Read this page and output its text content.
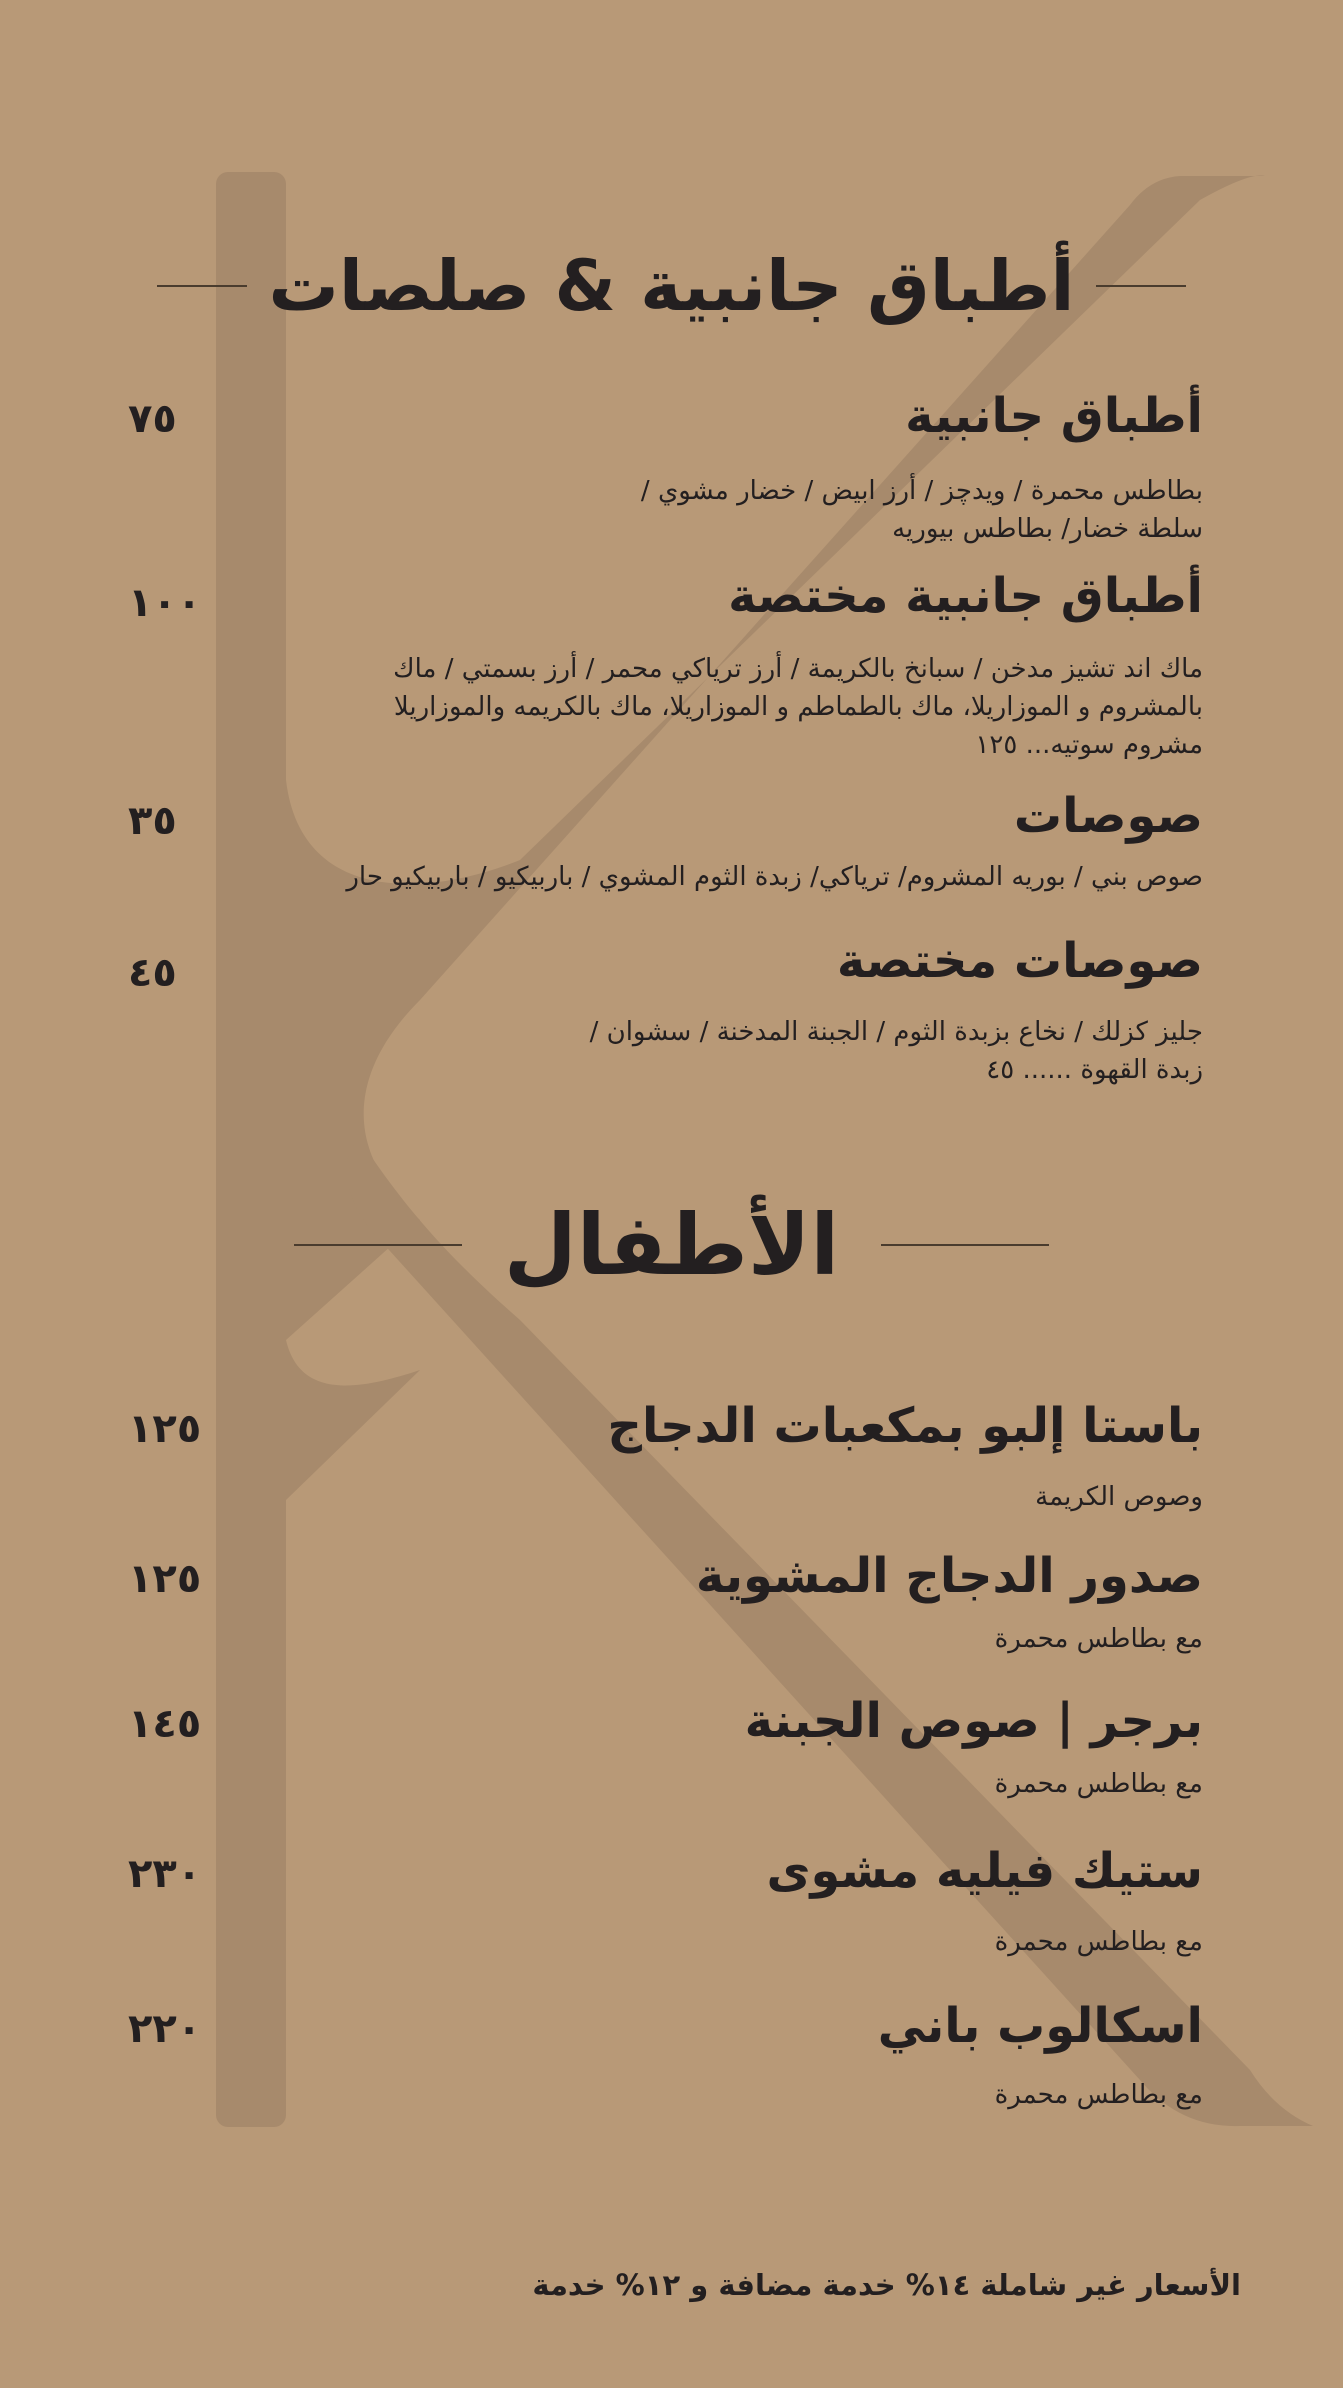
أطباق جانبية & صلصات
أطباق جانبية
٧٥
بطاطس محمرة / ويدچز / أرز ابيض / خضار مشوي /
سلطة خضار/ بطاطس بيوريه
أطباق جانبية مختصة
١٠٠
ماك اند تشيز مدخن / سبانخ بالكريمة / أرز ترياكي محمر / أرز بسمتي / ماك
بالمشروم و الموزاريلا، ماك بالطماطم و الموزاريلا، ماك بالكريمه والموزاريلا
مشروم سوتيه... ١٢٥
صوصات
٣٥
صوص بني / بوريه المشروم/ ترياكي/ زبدة الثوم المشوي / باربيكيو / باربيكيو حار
صوصات مختصة
٤٥
جليز كزلك / نخاع بزبدة الثوم / الجبنة المدخنة / سشوان /
زبدة القهوة ...... ٤٥
الأطفال
باستا إلبو بمكعبات الدجاج
١٢٥
وصوص الكريمة
صدور الدجاج المشوية
١٢٥
مع بطاطس محمرة
برجر | صوص الجبنة
١٤٥
مع بطاطس محمرة
ستيك فيليه مشوى
٢٣٠
مع بطاطس محمرة
اسكالوب باني
٢٢٠
مع بطاطس محمرة
الأسعار غير شاملة ١٤% خدمة مضافة و ١٢% خدمة
